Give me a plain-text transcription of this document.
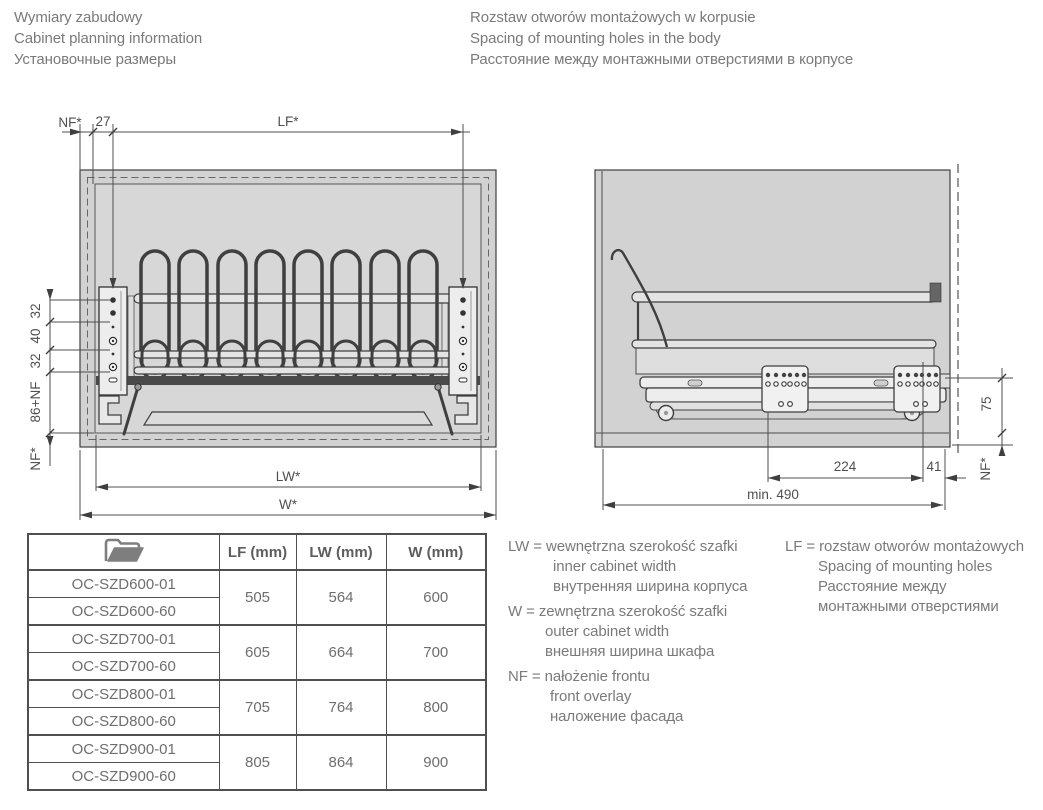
Wymiary zabudowy
Cabinet planning information
Установочные размеры
Rozstaw otworów montażowych w korpusie
Spacing of mounting holes in the body
Расстояние между монтажными отверстиями в корпусе
NF* 27	LF*
32
40
32
86+NF
NF*
LW*
W*
75
NF*
224	41
min. 490
	LF (mm)	LW (mm)	W (mm)
OC-SZD600-01	505	564	600
OC-SZD600-60			
OC-SZD700-01	605	664	700
OC-SZD700-60			
OC-SZD800-01	705	764	800
OC-SZD800-60			
OC-SZD900-01	805	864	900
OC-SZD900-60			
LW = wewnętrzna szerokość szafki
inner cabinet width
внутренняя ширина корпуса
W = zewnętrzna szerokość szafki
outer cabinet width
внешняя ширина шкафа
NF = nałożenie frontu
front overlay
наложение фасада
LF = rozstaw otworów montażowych
Spacing of mounting holes
Расстояние между
монтажными отверстиями
